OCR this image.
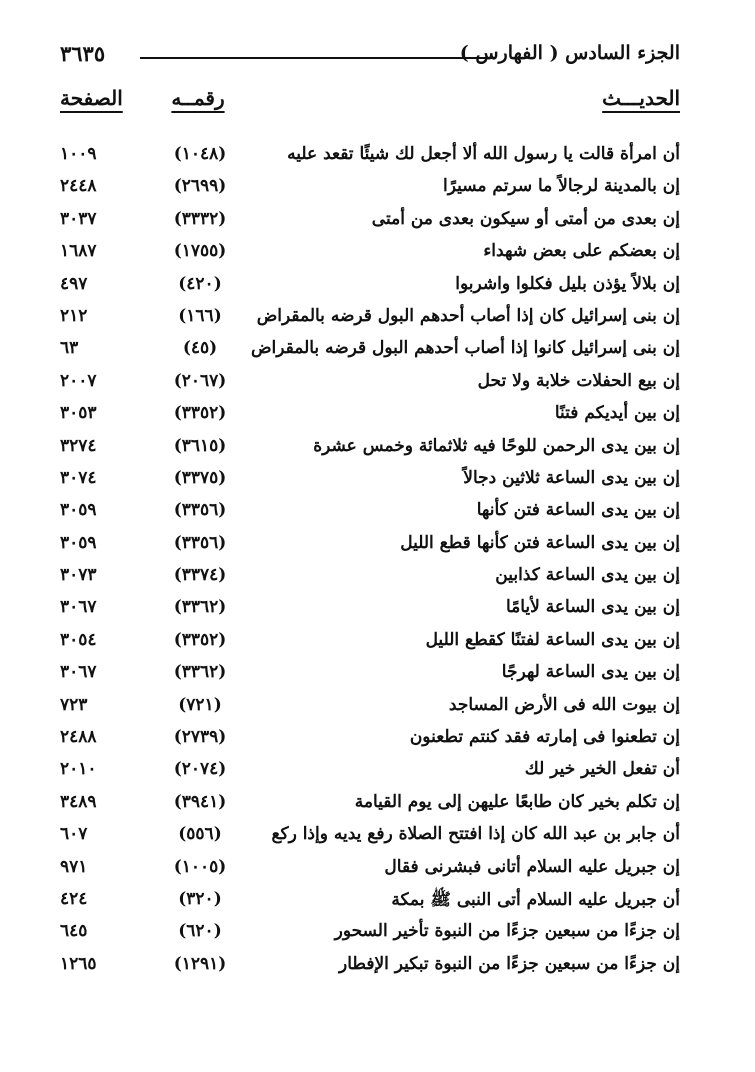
الجزء السادس ( الفهارس )
٣٦٣٥
الحديـــث
رقمــه
الصفحة
أن امرأة قالت يا رسول الله ألا أجعل لك شيئًا تقعد عليه
(١٠٤٨)
١٠٠٩
إن بالمدينة لرجالاً ما سرتم مسيرًا
(٢٦٩٩)
٢٤٤٨
إن بعدى من أمتى أو سيكون بعدى من أمتى
(٣٣٣٢)
٣٠٣٧
إن بعضكم على بعض شهداء
(١٧٥٥)
١٦٨٧
إن بلالاً يؤذن بليل فكلوا واشربوا
(٤٢٠)
٤٩٧
إن بنى إسرائيل كان إذا أصاب أحدهم البول قرضه بالمقراض
(١٦٦)
٢١٢
إن بنى إسرائيل كانوا إذا أصاب أحدهم البول قرضه بالمقراض
(٤٥)
٦٣
إن بيع الحفلات خلابة ولا تحل
(٢٠٦٧)
٢٠٠٧
إن بين أيديكم فتنًا
(٣٣٥٢)
٣٠٥٣
إن بين يدى الرحمن للوحًا فيه ثلاثمائة وخمس عشرة
(٣٦١٥)
٣٢٧٤
إن بين يدى الساعة ثلاثين دجالاً
(٣٣٧٥)
٣٠٧٤
إن بين يدى الساعة فتن كأنها
(٣٣٥٦)
٣٠٥٩
إن بين يدى الساعة فتن كأنها قطع الليل
(٣٣٥٦)
٣٠٥٩
إن بين يدى الساعة كذابين
(٣٣٧٤)
٣٠٧٣
إن بين يدى الساعة لأيامًا
(٣٣٦٢)
٣٠٦٧
إن بين يدى الساعة لفتنًا كقطع الليل
(٣٣٥٢)
٣٠٥٤
إن بين يدى الساعة لهرجًا
(٣٣٦٢)
٣٠٦٧
إن بيوت الله فى الأرض المساجد
(٧٢١)
٧٢٣
إن تطعنوا فى إمارته فقد كنتم تطعنون
(٢٧٣٩)
٢٤٨٨
أن تفعل الخير خير لك
(٢٠٧٤)
٢٠١٠
إن تكلم بخير كان طابعًا عليهن إلى يوم القيامة
(٣٩٤١)
٣٤٨٩
أن جابر بن عبد الله كان إذا افتتح الصلاة رفع يديه وإذا ركع
(٥٥٦)
٦٠٧
إن جبريل عليه السلام أتانى فبشرنى فقال
(١٠٠٥)
٩٧١
أن جبريل عليه السلام أتى النبى ﷺ بمكة
(٣٢٠)
٤٢٤
إن جزءًا من سبعين جزءًا من النبوة تأخير السحور
(٦٢٠)
٦٤٥
إن جزءًا من سبعين جزءًا من النبوة تبكير الإفطار
(١٢٩١)
١٢٦٥
